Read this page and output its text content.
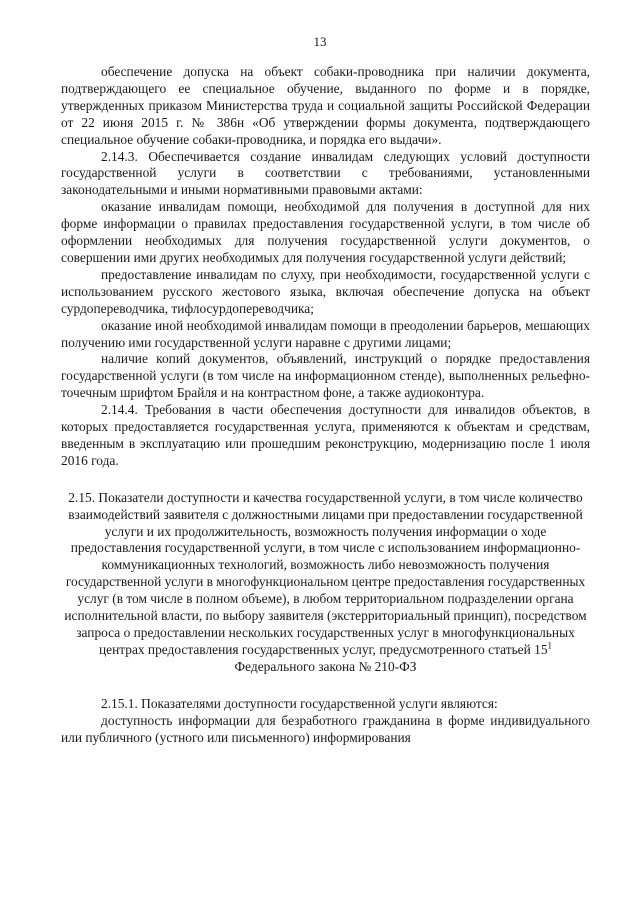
13

обеспечение допуска на объект собаки-проводника при наличии документа, подтверждающего ее специальное обучение, выданного по форме и в порядке, утвержденных приказом Министерства труда и социальной защиты Российской Федерации от 22 июня 2015 г. № 386н «Об утверждении формы документа, подтверждающего специальное обучение собаки-проводника, и порядка его выдачи».

2.14.3. Обеспечивается создание инвалидам следующих условий доступности государственной услуги в соответствии с требованиями, установленными законодательными и иными нормативными правовыми актами:

оказание инвалидам помощи, необходимой для получения в доступной для них форме информации о правилах предоставления государственной услуги, в том числе об оформлении необходимых для получения государственной услуги документов, о совершении ими других необходимых для получения государственной услуги действий;

предоставление инвалидам по слуху, при необходимости, государственной услуги с использованием русского жестового языка, включая обеспечение допуска на объект сурдопереводчика, тифлосурдопереводчика;

оказание иной необходимой инвалидам помощи в преодолении барьеров, мешающих получению ими государственной услуги наравне с другими лицами;

наличие копий документов, объявлений, инструкций о порядке предоставления государственной услуги (в том числе на информационном стенде), выполненных рельефно-точечным шрифтом Брайля и на контрастном фоне, а также аудиоконтура.

2.14.4. Требования в части обеспечения доступности для инвалидов объектов, в которых предоставляется государственная услуга, применяются к объектам и средствам, введенным в эксплуатацию или прошедшим реконструкцию, модернизацию после 1 июля 2016 года.

2.15. Показатели доступности и качества государственной услуги, в том числе количество взаимодействий заявителя с должностными лицами при предоставлении государственной услуги и их продолжительность, возможность получения информации о ходе предоставления государственной услуги, в том числе с использованием информационно-коммуникационных технологий, возможность либо невозможность получения государственной услуги в многофункциональном центре предоставления государственных услуг (в том числе в полном объеме), в любом территориальном подразделении органа исполнительной власти, по выбору заявителя (экстерриториальный принцип), посредством запроса о предоставлении нескольких государственных услуг в многофункциональных центрах предоставления государственных услуг, предусмотренного статьей $15^1$ Федерального закона № 210-ФЗ

2.15.1. Показателями доступности государственной услуги являются:

доступность информации для безработного гражданина в форме индивидуального или публичного (устного или письменного) информирования
